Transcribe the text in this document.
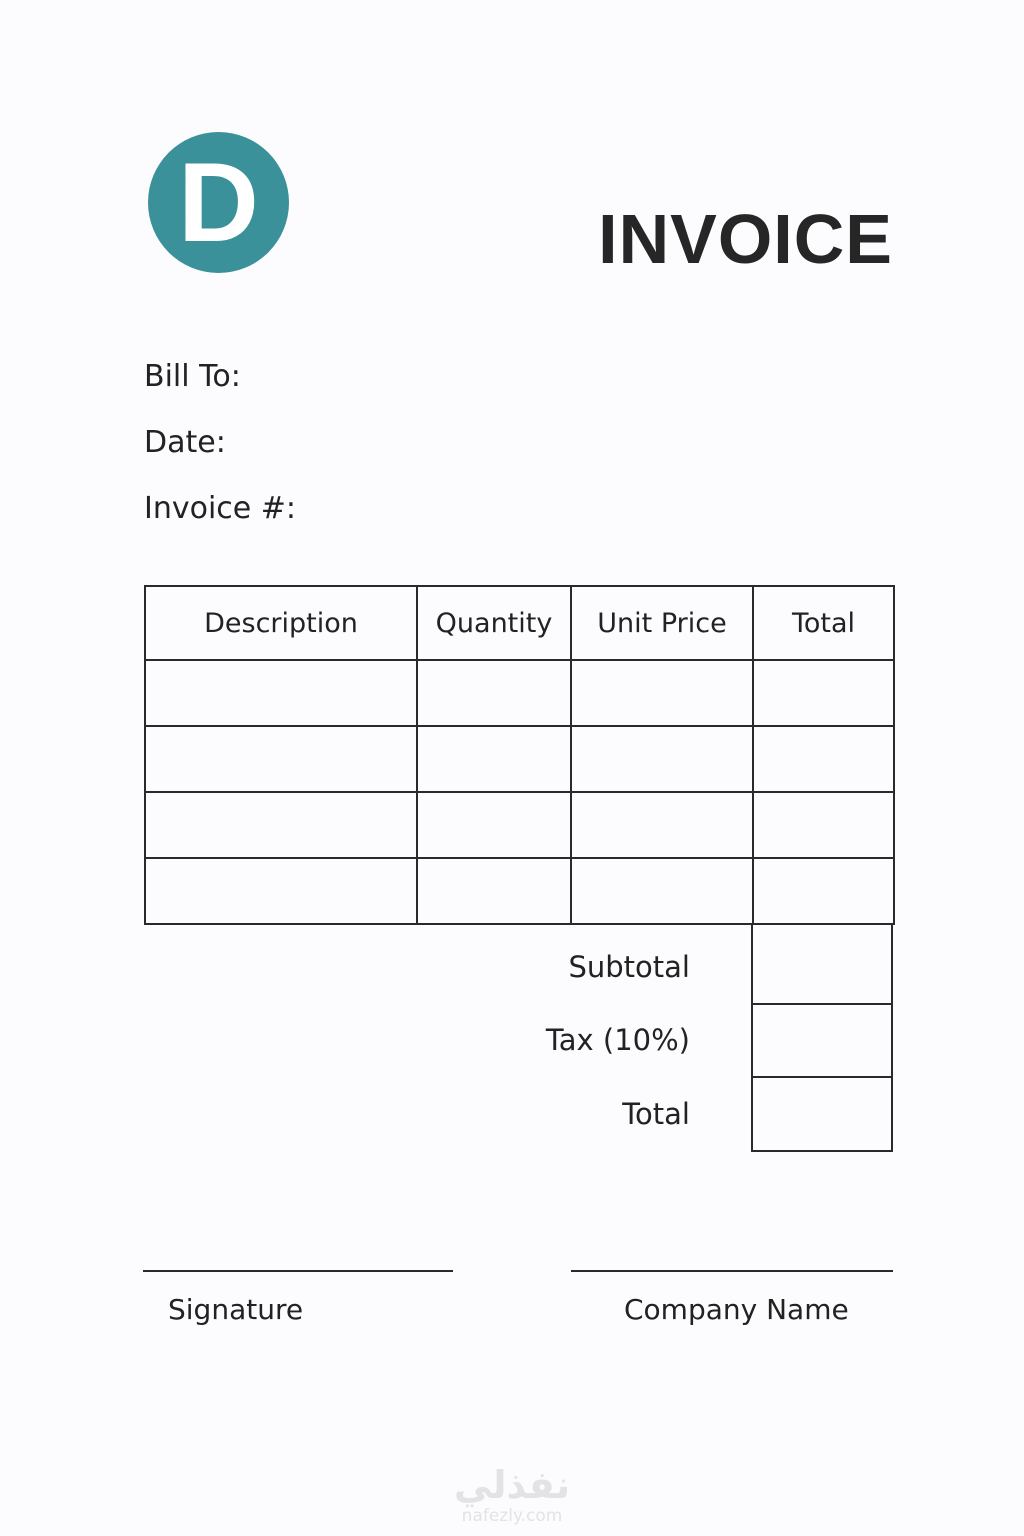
D	INVOICE
Bill To:
Date:
Invoice #:
Description	Quantity	Unit Price	Total

Subtotal
Tax (10%)
Total
Signature	Company Name
نفذلي
nafezly.com
